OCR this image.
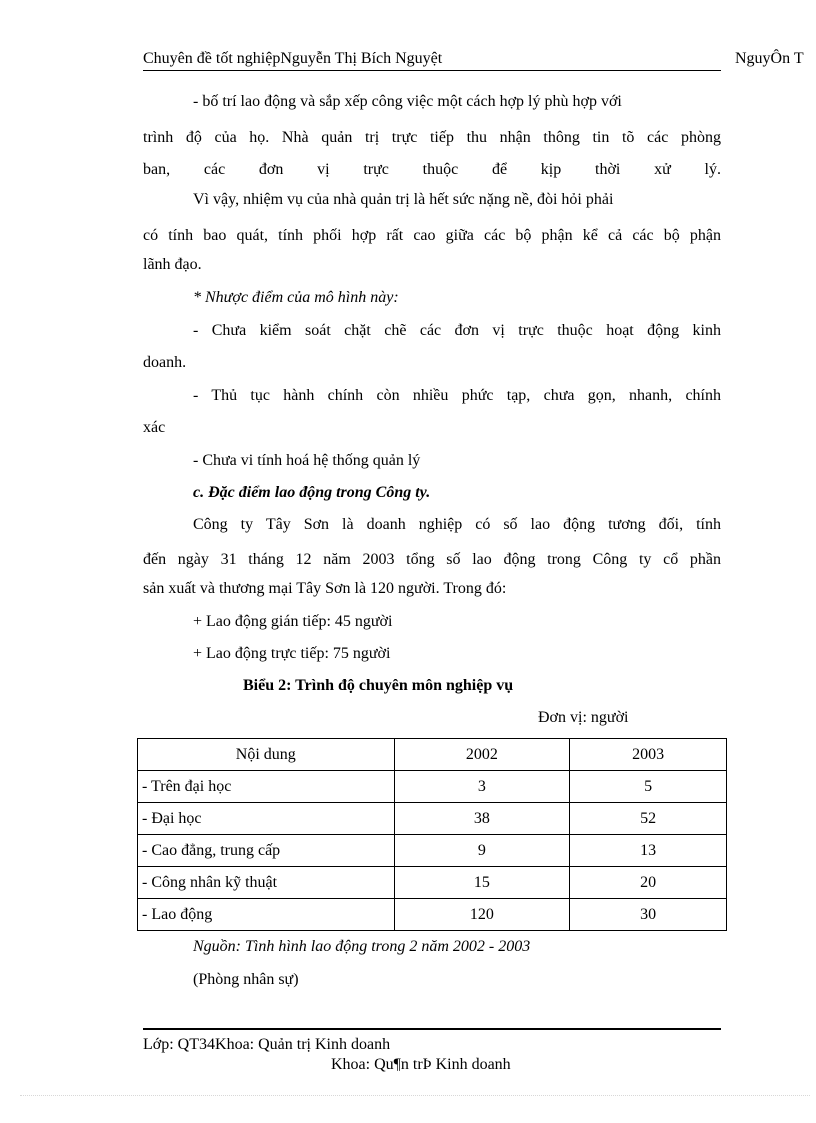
Chuyên đề tốt nghiệpNguyễn Thị Bích Nguyệt	NguyÔn T
- bố trí lao động và sắp xếp công việc một cách hợp lý phù hợp với
trình độ của họ. Nhà quản trị trực tiếp thu nhận thông tin tõ các phòng
ban, các đơn vị trực thuộc để kịp thời xử lý.
Vì vậy, nhiệm vụ của nhà quản trị là hết sức nặng nề, đòi hỏi phải
có tính bao quát, tính phối hợp rất cao giữa các bộ phận kể cả các bộ phận
lãnh đạo.
* Nhược điểm của mô hình này:
- Chưa kiểm soát chặt chẽ các đơn vị trực thuộc hoạt động kinh
doanh.
- Thủ tục hành chính còn nhiều phức tạp, chưa gọn, nhanh, chính
xác
- Chưa vi tính hoá hệ thống quản lý
c. Đặc điểm lao động trong Công ty.
Công ty Tây Sơn là doanh nghiệp có số lao động tương đối, tính
đến ngày 31 tháng 12 năm 2003 tổng số lao động trong Công ty cổ phần
sản xuất và thương mại Tây Sơn là 120 người. Trong đó:
+ Lao động gián tiếp: 45 người
+ Lao động trực tiếp: 75 người
Biểu 2: Trình độ chuyên môn nghiệp vụ
Đơn vị: người
Nội dung	2002	2003
- Trên đại học	3	5
- Đại học	38	52
- Cao đẳng, trung cấp	9	13
- Công nhân kỹ thuật	15	20
- Lao động	120	30
Nguồn: Tình hình lao động trong 2 năm 2002 - 2003
(Phòng nhân sự)
Lớp: QT34Khoa: Quản trị Kinh doanh
Khoa: Qu¶n trÞ Kinh doanh
